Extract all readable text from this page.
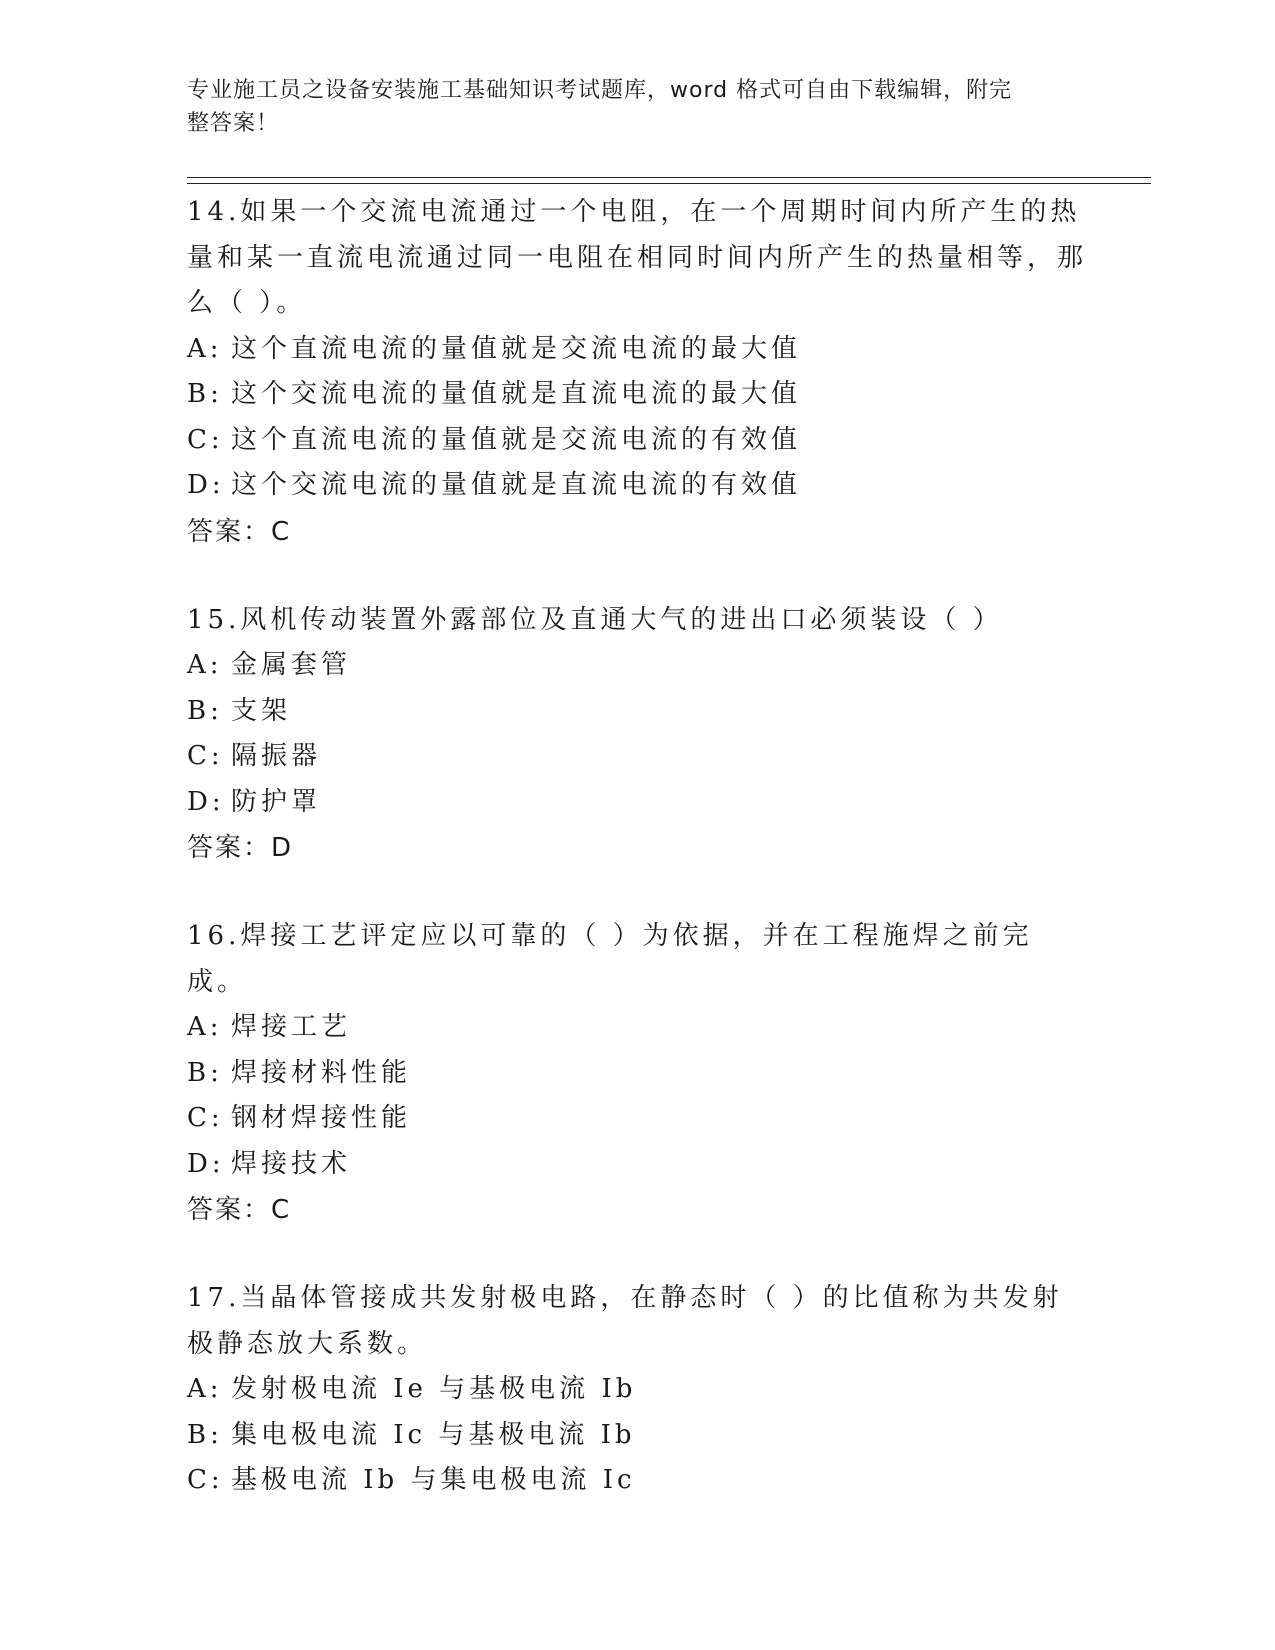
专业施工员之设备安装施工基础知识考试题库，word 格式可自由下载编辑，附完
整答案！

14.如果一个交流电流通过一个电阻，在一个周期时间内所产生的热量和某一直流电流通过同一电阻在相同时间内所产生的热量相等，那么（ ）。

A: 这个直流电流的量值就是交流电流的最大值
B: 这个交流电流的量值就是直流电流的最大值
C: 这个直流电流的量值就是交流电流的有效值
D: 这个交流电流的量值就是直流电流的有效值
答案：C

15.风机传动装置外露部位及直通大气的进出口必须装设（ ）

A: 金属套管
B: 支架
C: 隔振器
D: 防护罩
答案：D

16.焊接工艺评定应以可靠的（ ）为依据，并在工程施焊之前完成。

A: 焊接工艺
B: 焊接材料性能
C: 钢材焊接性能
D: 焊接技术
答案：C

17.当晶体管接成共发射极电路，在静态时（ ）的比值称为共发射极静态放大系数。

A: 发射极电流 Ie 与基极电流 Ib
B: 集电极电流 Ic 与基极电流 Ib
C: 基极电流 Ib 与集电极电流 Ic
